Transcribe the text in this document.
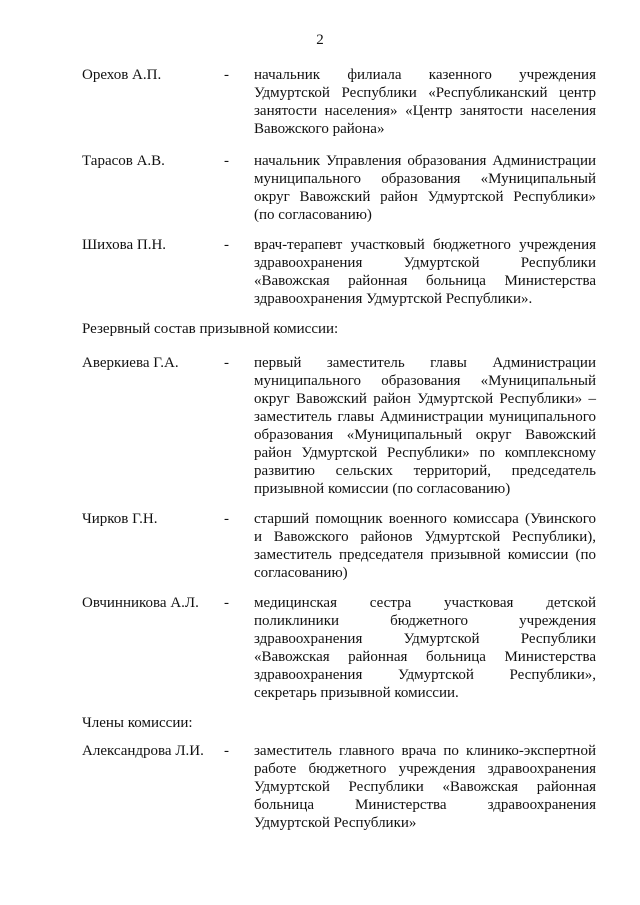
2
Орехов А.П.	- начальник филиала казенного учреждения Удмуртской Республики «Республиканский центр занятости населения» «Центр занятости населения Вавожского района»
Тарасов А.В.	- начальник Управления образования Администрации муниципального образования «Муниципальный округ Вавожский район Удмуртской Республики» (по согласованию)
Шихова П.Н.	- врач-терапевт участковый бюджетного учреждения здравоохранения Удмуртской Республики «Вавожская районная больница Министерства здравоохранения Удмуртской Республики».
Резервный состав призывной комиссии:
Аверкиева Г.А.	- первый заместитель главы Администрации муниципального образования «Муниципальный округ Вавожский район Удмуртской Республики» – заместитель главы Администрации муниципального образования «Муниципальный округ Вавожский район Удмуртской Республики» по комплексному развитию сельских территорий, председатель призывной комиссии (по согласованию)
Чирков Г.Н.	- старший помощник военного комиссара (Увинского и Вавожского районов Удмуртской Республики), заместитель председателя призывной комиссии (по согласованию)
Овчинникова А.Л.	- медицинская сестра участковая детской поликлиники бюджетного учреждения здравоохранения Удмуртской Республики «Вавожская районная больница Министерства здравоохранения Удмуртской Республики», секретарь призывной комиссии.
Члены комиссии:
Александрова Л.И.	- заместитель главного врача по клинико-экспертной работе бюджетного учреждения здравоохранения Удмуртской Республики «Вавожская районная больница Министерства здравоохранения Удмуртской Республики»
